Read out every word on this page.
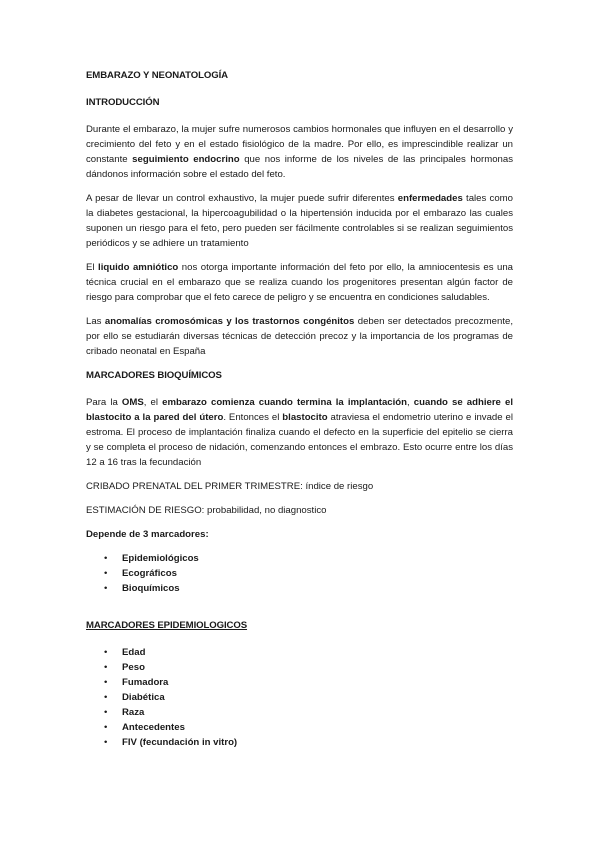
EMBARAZO Y NEONATOLOGÍA
INTRODUCCIÓN

Durante el embarazo, la mujer sufre numerosos cambios hormonales que influyen en el desarrollo y crecimiento del feto y en el estado fisiológico de la madre. Por ello, es imprescindible realizar un constante seguimiento endocrino que nos informe de los niveles de las principales hormonas dándonos información sobre el estado del feto.

A pesar de llevar un control exhaustivo, la mujer puede sufrir diferentes enfermedades tales como la diabetes gestacional, la hipercoagubilidad o la hipertensión inducida por el embarazo las cuales suponen un riesgo para el feto, pero pueden ser fácilmente controlables si se realizan seguimientos periódicos y se adhiere un tratamiento

El liquido amniótico nos otorga importante información del feto por ello, la amniocentesis es una técnica crucial en el embarazo que se realiza cuando los progenitores presentan algún factor de riesgo para comprobar que el feto carece de peligro y se encuentra en condiciones saludables.

Las anomalías cromosómicas y los trastornos congénitos deben ser detectados precozmente, por ello se estudiarán diversas técnicas de detección precoz y la importancia de los programas de cribado neonatal en España

MARCADORES BIOQUÍMICOS

Para la OMS, el embarazo comienza cuando termina la implantación, cuando se adhiere el blastocito a la pared del útero. Entonces el blastocito atraviesa el endometrio uterino e invade el estroma. El proceso de implantación finaliza cuando el defecto en la superficie del epitelio se cierra y se completa el proceso de nidación, comenzando entonces el embrazo. Esto ocurre entre los días 12 a 16 tras la fecundación

CRIBADO PRENATAL DEL PRIMER TRIMESTRE: índice de riesgo

ESTIMACIÓN DE RIESGO: probabilidad, no diagnostico

Depende de 3 marcadores:

• Epidemiológicos
• Ecográficos
• Bioquímicos
MARCADORES EPIDEMIOLOGICOS
• Edad
• Peso
• Fumadora
• Diabética
• Raza
• Antecedentes
• FIV (fecundación in vitro)
